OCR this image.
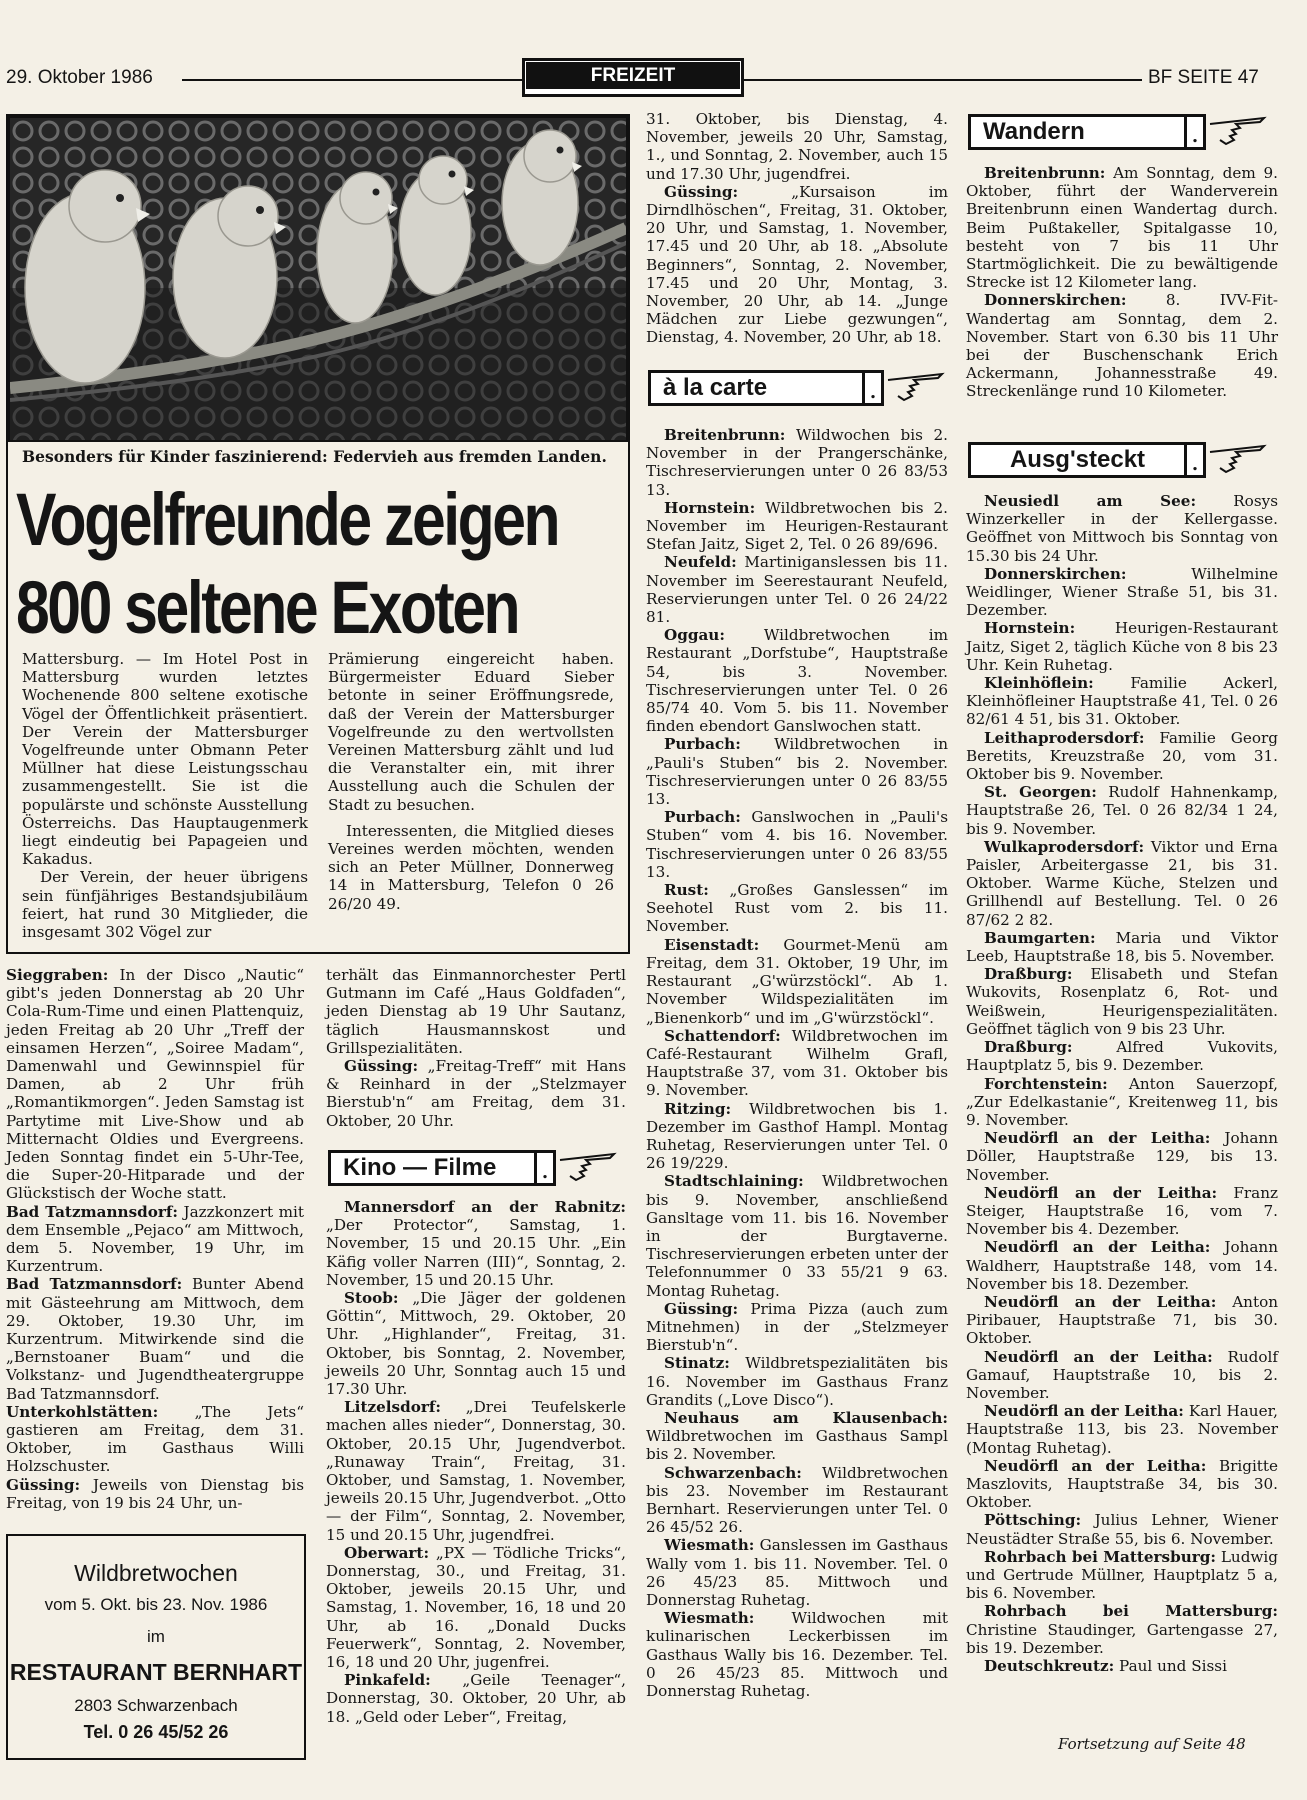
29. Oktober 1986	FREIZEIT	BF SEITE 47
Besonders für Kinder faszinierend: Federvieh aus fremden Landen.
Vogelfreunde zeigen
800 seltene Exoten

Mattersburg. — Im Hotel Post in Mattersburg wurden letztes Wochenende 800 seltene exotische Vögel der Öffentlichkeit präsentiert. Der Verein der Mattersburger Vogelfreunde unter Obmann Peter Müllner hat diese Leistungsschau zusammengestellt. Sie ist die populärste und schönste Ausstellung Österreichs. Das Hauptaugenmerk liegt eindeutig bei Papageien und Kakadus.

Der Verein, der heuer übrigens sein fünfjähriges Bestandsjubiläum feiert, hat rund 30 Mitglieder, die insgesamt 302 Vögel zur

Prämierung eingereicht haben. Bürgermeister Eduard Sieber betonte in seiner Eröffnungsrede, daß der Verein der Mattersburger Vogelfreunde zu den wertvollsten Vereinen Mattersburg zählt und lud die Veranstalter ein, mit ihrer Ausstellung auch die Schulen der Stadt zu besuchen.

Interessenten, die Mitglied dieses Vereines werden möchten, wenden sich an Peter Müllner, Donnerweg 14 in Mattersburg, Telefon 0 26 26/20 49.

Sieggraben: In der Disco „Nautic“ gibt's jeden Donnerstag ab 20 Uhr Cola-Rum-Time und einen Plattenquiz, jeden Freitag ab 20 Uhr „Treff der einsamen Herzen“, „Soiree Madam“, Damenwahl und Gewinnspiel für Damen, ab 2 Uhr früh „Romantikmorgen“. Jeden Samstag ist Partytime mit Live-Show und ab Mitternacht Oldies und Evergreens. Jeden Sonntag findet ein 5-Uhr-Tee, die Super-20-Hitparade und der Glückstisch der Woche statt.

Bad Tatzmannsdorf: Jazzkonzert mit dem Ensemble „Pejaco“ am Mittwoch, dem 5. November, 19 Uhr, im Kurzentrum.

Bad Tatzmannsdorf: Bunter Abend mit Gästeehrung am Mittwoch, dem 29. Oktober, 19.30 Uhr, im Kurzentrum. Mitwirkende sind die „Bernstoaner Buam“ und die Volkstanz- und Jugendtheatergruppe Bad Tatzmannsdorf.

Unterkohlstätten: „The Jets“ gastieren am Freitag, dem 31. Oktober, im Gasthaus Willi Holzschuster.

Güssing: Jeweils von Dienstag bis Freitag, von 19 bis 24 Uhr, un-

Wildbretwochen
vom 5. Okt. bis 23. Nov. 1986
im
RESTAURANT BERNHART
2803 Schwarzenbach
Tel. 0 26 45/52 26

terhält das Einmannorchester Pertl Gutmann im Café „Haus Goldfaden“, jeden Dienstag ab 19 Uhr Sautanz, täglich Hausmannskost und Grillspezialitäten.

Güssing: „Freitag-Treff“ mit Hans & Reinhard in der „Stelzmayer Bierstub'n“ am Freitag, dem 31. Oktober, 20 Uhr.

Kino — Filme	.

Mannersdorf an der Rabnitz: „Der Protector“, Samstag, 1. November, 15 und 20.15 Uhr. „Ein Käfig voller Narren (III)“, Sonntag, 2. November, 15 und 20.15 Uhr.

Stoob: „Die Jäger der goldenen Göttin“, Mittwoch, 29. Oktober, 20 Uhr. „Highlander“, Freitag, 31. Oktober, bis Sonntag, 2. November, jeweils 20 Uhr, Sonntag auch 15 und 17.30 Uhr.

Litzelsdorf: „Drei Teufelskerle machen alles nieder“, Donnerstag, 30. Oktober, 20.15 Uhr, Jugendverbot. „Runaway Train“, Freitag, 31. Oktober, und Samstag, 1. November, jeweils 20.15 Uhr, Jugendverbot. „Otto — der Film“, Sonntag, 2. November, 15 und 20.15 Uhr, jugendfrei.

Oberwart: „PX — Tödliche Tricks“, Donnerstag, 30., und Freitag, 31. Oktober, jeweils 20.15 Uhr, und Samstag, 1. November, 16, 18 und 20 Uhr, ab 16. „Donald Ducks Feuerwerk“, Sonntag, 2. November, 16, 18 und 20 Uhr, jugenfrei.

Pinkafeld: „Geile Teenager“, Donnerstag, 30. Oktober, 20 Uhr, ab 18. „Geld oder Leber“, Freitag,

31. Oktober, bis Dienstag, 4. November, jeweils 20 Uhr, Samstag, 1., und Sonntag, 2. November, auch 15 und 17.30 Uhr, jugendfrei.

Güssing:	„Kursaison im Dirndlhöschen“, Freitag, 31. Oktober, 20 Uhr, und Samstag, 1. November, 17.45 und 20 Uhr, ab 18. „Absolute Beginners“, Sonntag, 2. November, 17.45 und 20 Uhr, Montag, 3. November, 20 Uhr, ab 14. „Junge Mädchen zur Liebe gezwungen“, Dienstag, 4. November, 20 Uhr, ab 18.

à la carte	.

Breitenbrunn: Wildwochen bis 2. November in der Prangerschänke, Tischreservierungen unter 0 26 83/53 13.

Hornstein: Wildbretwochen bis 2. November im Heurigen-Restaurant Stefan Jaitz, Siget 2, Tel. 0 26 89/696.

Neufeld: Martiniganslessen bis 11. November im Seerestaurant Neufeld, Reservierungen unter Tel. 0 26 24/22 81.

Oggau:	Wildbretwochen im Restaurant „Dorfstube“, Hauptstraße 54, bis 3. November. Tischreservierungen unter Tel. 0 26 85/74 40. Vom 5. bis 11. November finden ebendort Ganslwochen statt.

Purbach: Wildbretwochen in „Pauli's Stuben“ bis 2. November. Tischreservierungen unter 0 26 83/55 13.

Purbach: Ganslwochen in „Pauli's Stuben“ vom 4. bis 16. November. Tischreservierungen unter 0 26 83/55 13.

Rust: „Großes Ganslessen“ im Seehotel Rust vom 2. bis 11. November.

Eisenstadt: Gourmet-Menü am Freitag, dem 31. Oktober, 19 Uhr, im Restaurant „G'würzstöckl“. Ab 1. November Wildspezialitäten im „Bienenkorb“ und im „G'würzstöckl“.

Schattendorf: Wildbretwochen im Café-Restaurant Wilhelm Grafl, Hauptstraße 37, vom 31. Oktober bis 9. November.

Ritzing: Wildbretwochen bis 1. Dezember im Gasthof Hampl. Montag Ruhetag, Reservierungen unter Tel. 0 26 19/229.

Stadtschlaining: Wildbretwochen bis 9. November, anschließend Gansltage vom 11. bis 16. November in der Burgtaverne. Tischreservierungen erbeten unter der Telefonnummer 0 33 55/21 9 63. Montag Ruhetag.

Güssing: Prima Pizza (auch zum Mitnehmen) in der „Stelzmeyer Bierstub'n“.

Stinatz: Wildbretspezialitäten bis 16. November im Gasthaus Franz Grandits („Love Disco“).

Neuhaus am Klausenbach: Wildbretwochen im Gasthaus Sampl bis 2. November.

Schwarzenbach: Wildbretwochen bis 23. November im Restaurant Bernhart. Reservierungen unter Tel. 0 26 45/52 26.

Wiesmath: Ganslessen im Gasthaus Wally vom 1. bis 11. November. Tel. 0 26 45/23 85. Mittwoch und Donnerstag Ruhetag.

Wiesmath: Wildwochen mit kulinarischen Leckerbissen im Gasthaus Wally bis 16. Dezember. Tel. 0 26 45/23 85. Mittwoch und Donnerstag Ruhetag.

Wandern	.

Breitenbrunn: Am Sonntag, dem 9. Oktober, führt der Wanderverein Breitenbrunn einen Wandertag durch. Beim Pußtakeller, Spitalgasse 10, besteht von 7 bis 11 Uhr Startmöglichkeit. Die zu bewältigende Strecke ist 12 Kilometer lang.

Donnerskirchen:	8. IVV-Fit-Wandertag am Sonntag, dem 2. November. Start von 6.30 bis 11 Uhr bei der Buschenschank Erich Ackermann, Johannesstraße 49. Streckenlänge rund 10 Kilometer.

Ausg'steckt	.

Neusiedl am See: Rosys Winzerkeller in der Kellergasse. Geöffnet von Mittwoch bis Sonntag von 15.30 bis 24 Uhr.

Donnerskirchen:	Wilhelmine Weidlinger, Wiener Straße 51, bis 31. Dezember.

Hornstein:	Heurigen-Restaurant Jaitz, Siget 2, täglich Küche von 8 bis 23 Uhr. Kein Ruhetag.

Kleinhöflein: Familie Ackerl, Kleinhöfleiner Hauptstraße 41, Tel. 0 26 82/61 4 51, bis 31. Oktober.

Leithaprodersdorf: Familie Georg Beretits, Kreuzstraße 20, vom 31. Oktober bis 9. November.

St. Georgen: Rudolf Hahnenkamp, Hauptstraße 26, Tel. 0 26 82/34 1 24, bis 9. November.

Wulkaprodersdorf: Viktor und Erna Paisler, Arbeitergasse 21, bis 31. Oktober. Warme Küche, Stelzen und Grillhendl auf Bestellung. Tel. 0 26 87/62 2 82.

Baumgarten: Maria und Viktor Leeb, Hauptstraße 18, bis 5. November.

Draßburg: Elisabeth und Stefan Wukovits, Rosenplatz 6, Rot- und Weißwein, Heurigenspezialitäten. Geöffnet täglich von 9 bis 23 Uhr.

Draßburg:	Alfred Vukovits, Hauptplatz 5, bis 9. Dezember.

Forchtenstein: Anton Sauerzopf, „Zur Edelkastanie“, Kreitenweg 11, bis 9. November.

Neudörfl an der Leitha: Johann Döller, Hauptstraße 129, bis 13. November.

Neudörfl an der Leitha: Franz Steiger, Hauptstraße 16, vom 7. November bis 4. Dezember.

Neudörfl an der Leitha: Johann Waldherr, Hauptstraße 148, vom 14. November bis 18. Dezember.

Neudörfl an der Leitha: Anton Piribauer, Hauptstraße 71, bis 30. Oktober.

Neudörfl an der Leitha: Rudolf Gamauf, Hauptstraße 10, bis 2. November.

Neudörfl an der Leitha: Karl Hauer, Hauptstraße 113, bis 23. November (Montag Ruhetag).

Neudörfl an der Leitha: Brigitte Maszlovits, Hauptstraße 34, bis 30. Oktober.

Pöttsching: Julius Lehner, Wiener Neustädter Straße 55, bis 6. November.

Rohrbach bei Mattersburg: Ludwig und Gertrude Müllner, Hauptplatz 5 a, bis 6. November.

Rohrbach bei Mattersburg: Christine Staudinger, Gartengasse 27, bis 19. Dezember.

Deutschkreutz: Paul und Sissi

Fortsetzung auf Seite 48
